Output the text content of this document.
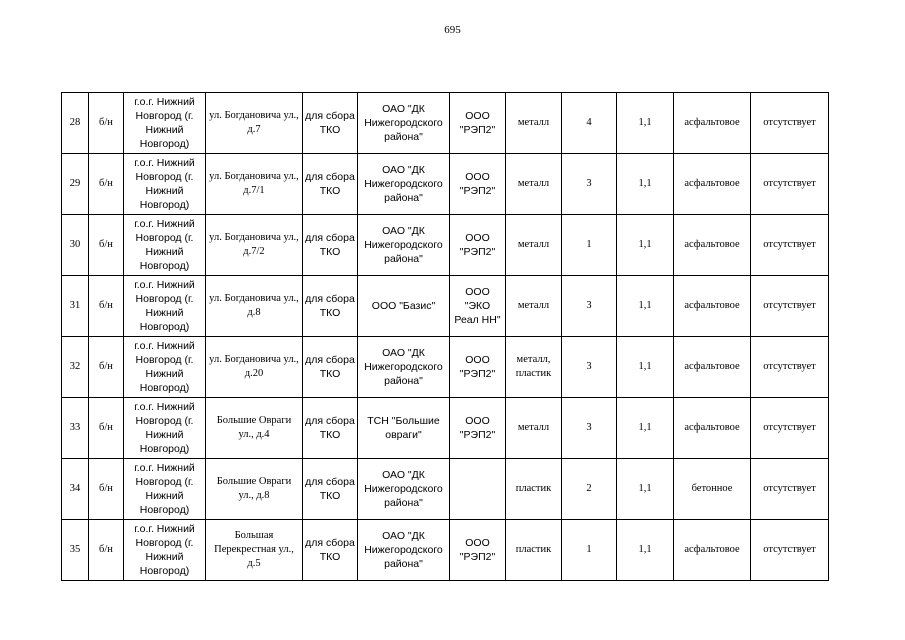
695
28	б/н	г.о.г. Нижний Новгород (г. Нижний Новгород)	ул. Богдановича ул., д.7	для сбора ТКО	ОАО "ДК Нижегородского района"	ООО "РЭП2"	металл	4	1,1	асфальтовое	отсутствует
29	б/н	г.о.г. Нижний Новгород (г. Нижний Новгород)	ул. Богдановича ул., д.7/1	для сбора ТКО	ОАО "ДК Нижегородского района"	ООО "РЭП2"	металл	3	1,1	асфальтовое	отсутствует
30	б/н	г.о.г. Нижний Новгород (г. Нижний Новгород)	ул. Богдановича ул., д.7/2	для сбора ТКО	ОАО "ДК Нижегородского района"	ООО "РЭП2"	металл	1	1,1	асфальтовое	отсутствует
31	б/н	г.о.г. Нижний Новгород (г. Нижний Новгород)	ул. Богдановича ул., д.8	для сбора ТКО	ООО "Базис"	ООО "ЭКО Реал НН"	металл	3	1,1	асфальтовое	отсутствует
32	б/н	г.о.г. Нижний Новгород (г. Нижний Новгород)	ул. Богдановича ул., д.20	для сбора ТКО	ОАО "ДК Нижегородского района"	ООО "РЭП2"	металл, пластик	3	1,1	асфальтовое	отсутствует
33	б/н	г.о.г. Нижний Новгород (г. Нижний Новгород)	Большие Овраги ул., д.4	для сбора ТКО	ТСН "Большие овраги"	ООО "РЭП2"	металл	3	1,1	асфальтовое	отсутствует
34	б/н	г.о.г. Нижний Новгород (г. Нижний Новгород)	Большие Овраги ул., д.8	для сбора ТКО	ОАО "ДК Нижегородского района"		пластик	2	1,1	бетонное	отсутствует
35	б/н	г.о.г. Нижний Новгород (г. Нижний Новгород)	Большая Перекрестная ул., д.5	для сбора ТКО	ОАО "ДК Нижегородского района"	ООО "РЭП2"	пластик	1	1,1	асфальтовое	отсутствует
